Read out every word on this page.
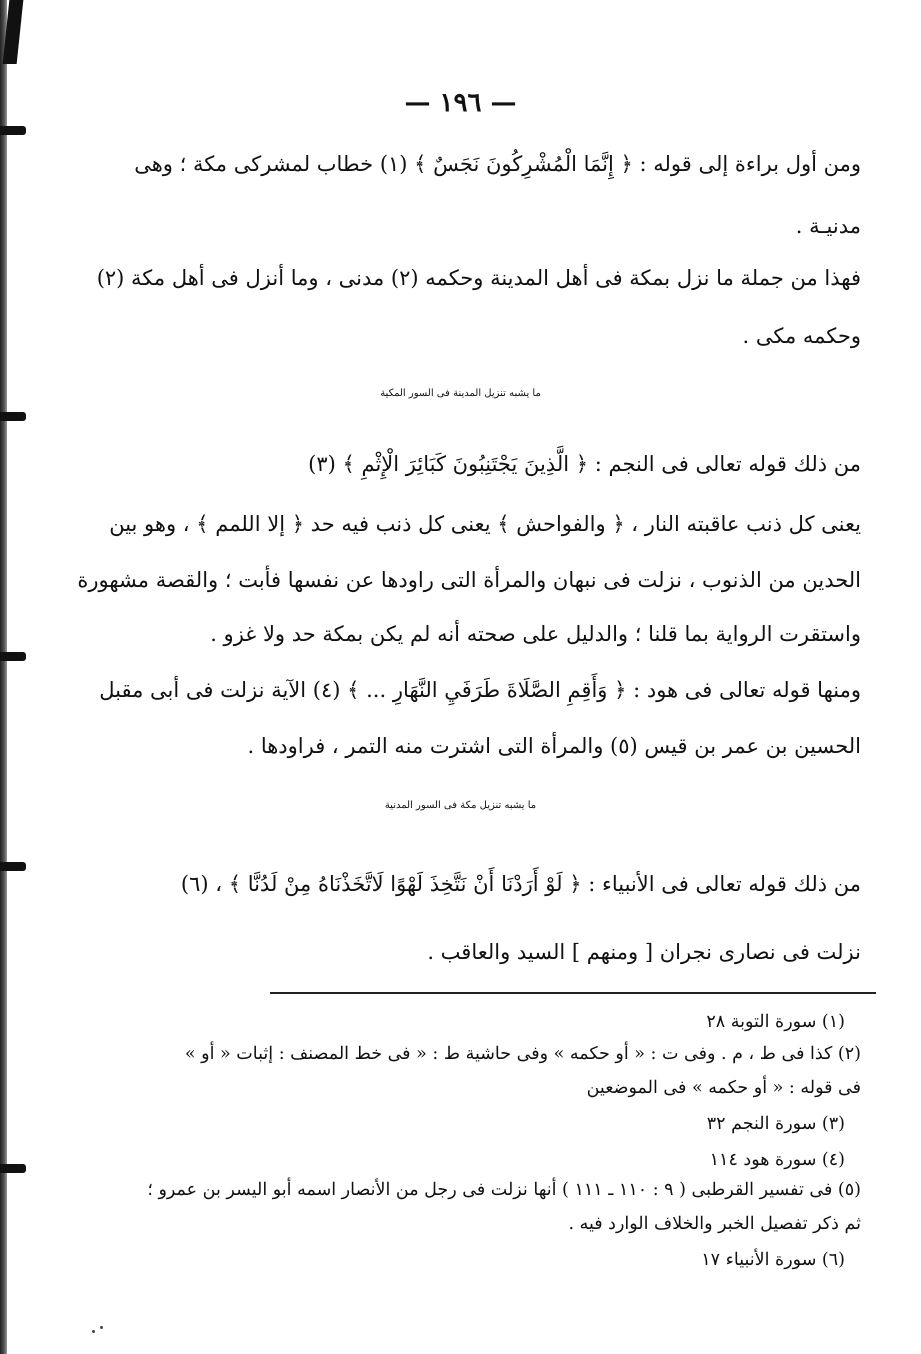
— ١٩٦ —
ومن أول براءة إلى قوله : ﴿ إِنَّمَا الْمُشْرِكُونَ نَجَسٌ ﴾ (١) خطاب لمشركى مكة ؛ وهى
مدنيـة .
فهذا من جملة ما نزل بمكة فى أهل المدينة وحكمه (٢) مدنى ، وما أنزل فى أهل مكة (٢)
وحكمه مكى .
ما يشبه تنزيل المدينة فى السور المكية
من ذلك قوله تعالى فى النجم : ﴿ الَّذِينَ يَجْتَنِبُونَ كَبَائِرَ الْإِثْمِ ﴾ (٣)
يعنى كل ذنب عاقبته النار ، ﴿ والفواحش ﴾ يعنى كل ذنب فيه حد ﴿ إلا اللمم ﴾ ، وهو بين
الحدين من الذنوب ، نزلت فى نبهان والمرأة التى راودها عن نفسها فأبت ؛ والقصة مشهورة
واستقرت الرواية بما قلنا ؛ والدليل على صحته أنه لم يكن بمكة حد ولا غزو .
ومنها قوله تعالى فى هود : ﴿ وَأَقِمِ الصَّلَاةَ طَرَفَيِ النَّهَارِ ... ﴾ (٤) الآية نزلت فى أبى مقبل
الحسين بن عمر بن قيس (٥) والمرأة التى اشترت منه التمر ، فراودها .
ما يشبه تنزيل مكة فى السور المدنية
من ذلك قوله تعالى فى الأنبياء : ﴿ لَوْ أَرَدْنَا أَنْ نَتَّخِذَ لَهْوًا لَاتَّخَذْنَاهُ مِنْ لَدُنَّا ﴾ ، (٦)
نزلت فى نصارى نجران [ ومنهم ] السيد والعاقب .
(١) سورة التوبة ٢٨
(٢) كذا فى ط ، م . وفى ت : « أو حكمه » وفى حاشية ط : « فى خط المصنف : إثبات « أو »
فى قوله : « أو حكمه » فى الموضعين
(٣) سورة النجم ٣٢
(٤) سورة هود ١١٤
(٥) فى تفسير القرطبى ( ٩ : ١١٠ ـ ١١١ ) أنها نزلت فى رجل من الأنصار اسمه أبو اليسر بن عمرو ؛
ثم ذكر تفصيل الخبر والخلاف الوارد فيه .
(٦) سورة الأنبياء ١٧
